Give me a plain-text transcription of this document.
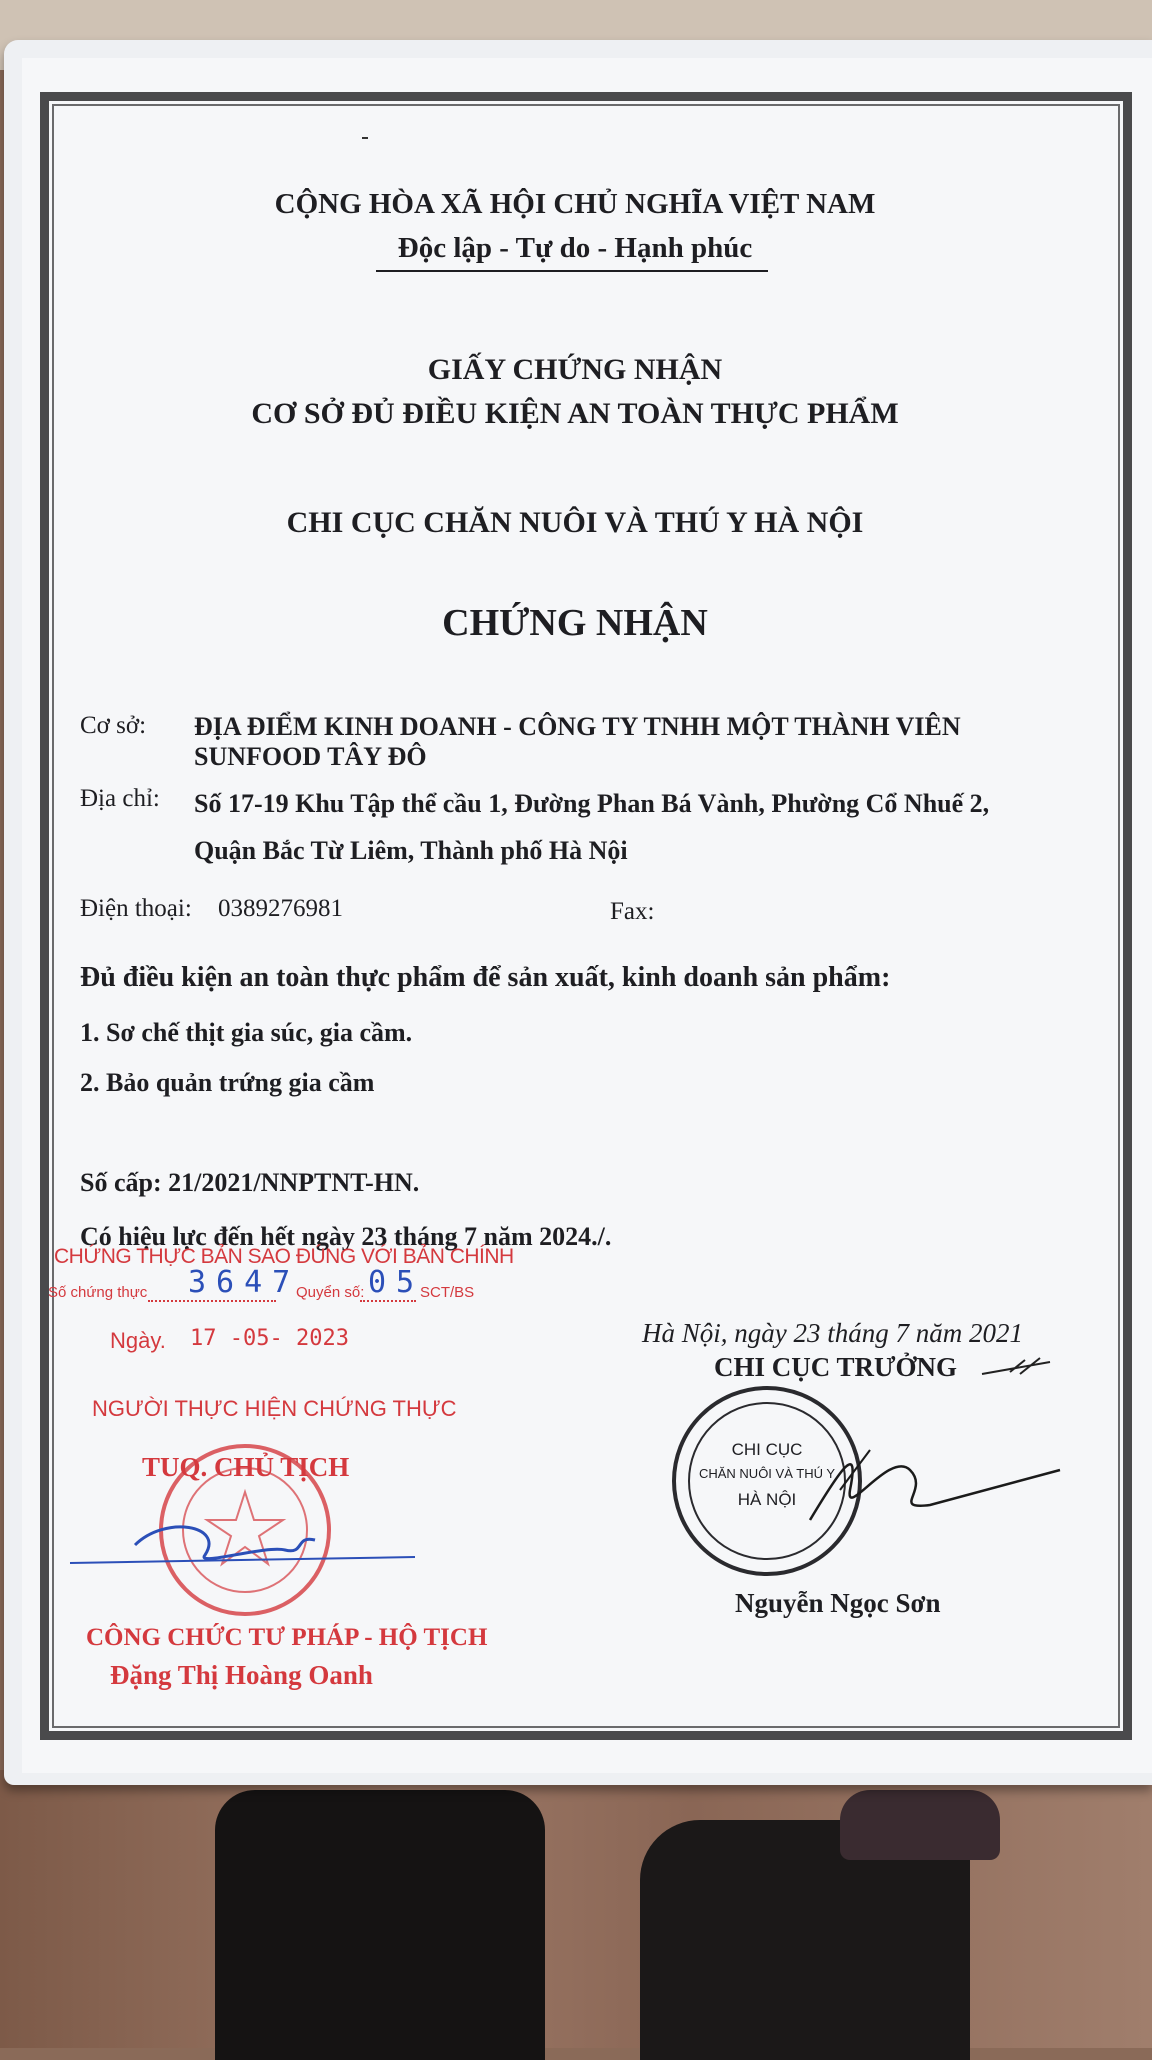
CỘNG HÒA XÃ HỘI CHỦ NGHĨA VIỆT NAM
Độc lập - Tự do - Hạnh phúc
GIẤY CHỨNG NHẬN
CƠ SỞ ĐỦ ĐIỀU KIỆN AN TOÀN THỰC PHẨM
CHI CỤC CHĂN NUÔI VÀ THÚ Y HÀ NỘI
CHỨNG NHẬN
Cơ sở: ĐỊA ĐIỂM KINH DOANH - CÔNG TY TNHH MỘT THÀNH VIÊN
SUNFOOD TÂY ĐÔ
Địa chỉ: Số 17-19 Khu Tập thể cầu 1, Đường Phan Bá Vành, Phường Cổ Nhuế 2,
Quận Bắc Từ Liêm, Thành phố Hà Nội
Điện thoại: 0389276981	Fax:
Đủ điều kiện an toàn thực phẩm để sản xuất, kinh doanh sản phẩm:
1. Sơ chế thịt gia súc, gia cầm.
2. Bảo quản trứng gia cầm
Số cấp: 21/2021/NNPTNT-HN.
Có hiệu lực đến hết ngày 23 tháng 7 năm 2024./.
CHỨNG THỰC BẢN SAO ĐÚNG VỚI BẢN CHÍNH
Số chứng thực 3647
Quyển số: 05
SCT/BS
Ngày. 17 -05- 2023
NGƯỜI THỰC HIỆN CHỨNG THỰC
TUQ. CHỦ TỊCH
CÔNG CHỨC TƯ PHÁP - HỘ TỊCH
Đặng Thị Hoàng Oanh
Hà Nội, ngày 23 tháng 7 năm 2021
CHI CỤC TRƯỞNG
CHI CỤC
CHĂN NUÔI VÀ THÚ Y
HÀ NỘI
Nguyễn Ngọc Sơn
